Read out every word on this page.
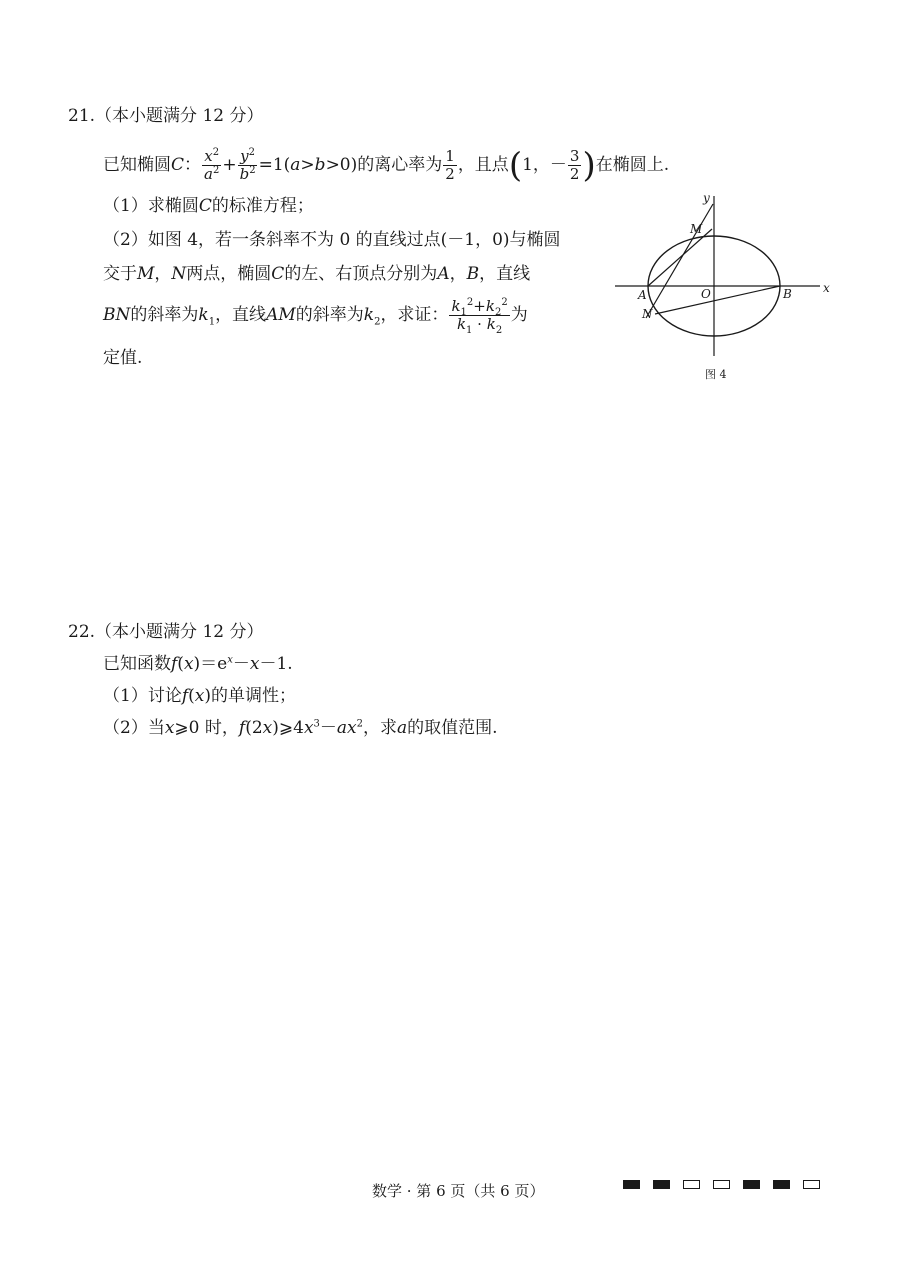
21.（本小题满分 12 分）
已知椭圆C： $\frac{x^2}{a^2} + \frac{y^2}{b^2} =1(a>b>0)$的离心率为 $\frac{1}{2}$ ，且点(1，－ $\frac{3}{2}$ )在椭圆上.
（1）求椭圆C的标准方程；
（2）如图 4，若一条斜率不为 0 的直线过点(－1，0)与椭圆
交于M，N两点，椭圆C的左、右顶点分别为A，B，直线
BN的斜率为$k_1$，直线AM的斜率为$k_2$，求证： $\frac{k_1^2+k_2^2}{k_1 \cdot k_2}$ 为
定值.
x
y
O
A	B
M
N
图 4
22.（本小题满分 12 分）
已知函数$f(x)=e^x-x-1$.
（1）讨论f(x)的单调性；
（2）当x⩾0 时，$f(2x)⩾4x^3-ax^2$，求a的取值范围.
数学 · 第 6 页（共 6 页）
